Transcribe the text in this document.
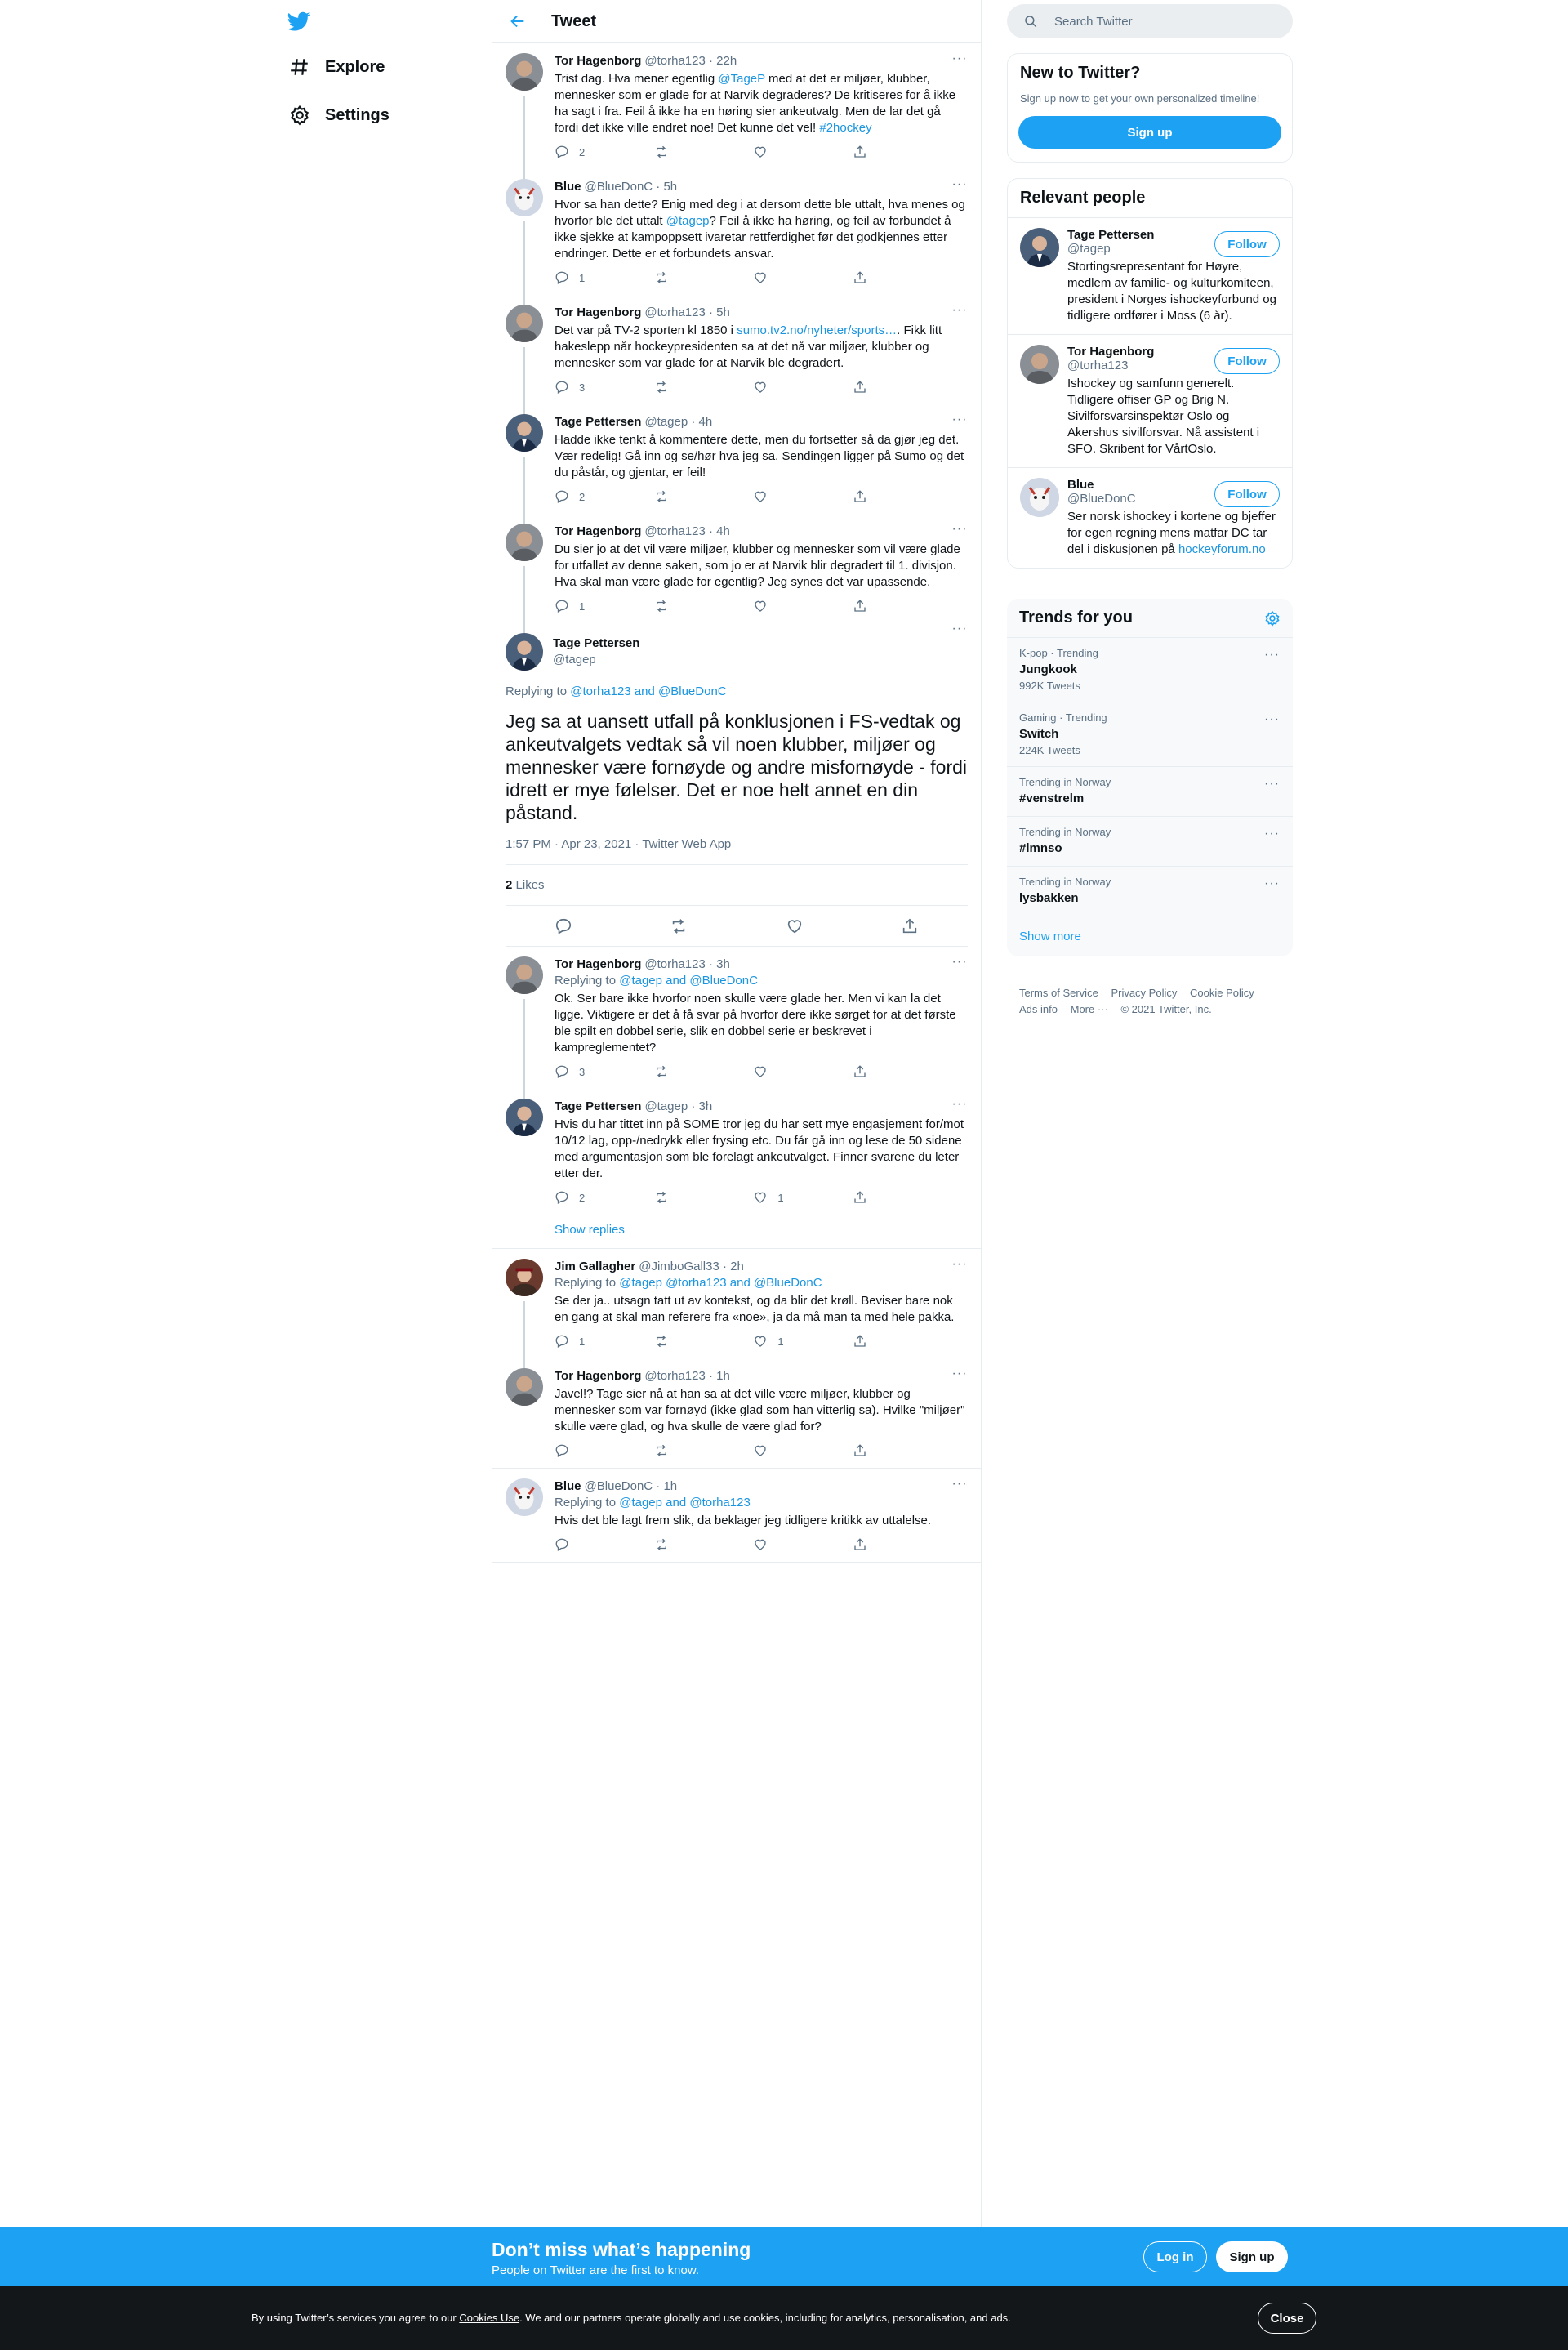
Explore
Settings
Tweet
···
Tor Hagenborg @torha123
· 22h
Trist dag. Hva mener egentlig @TageP med at det er miljøer, klubber, mennesker som er glade for at Narvik degraderes? De kritiseres for å ikke ha sagt i fra. Feil å ikke ha en høring sier ankeutvalg. Men de lar det gå fordi det ikke ville endret noe! Det kunne det vel! #2hockey
2
···
Blue @BlueDonC
· 5h
Hvor sa han dette? Enig med deg i at dersom dette ble uttalt, hva menes og hvorfor ble det uttalt @tagep? Feil å ikke ha høring, og feil av forbundet å ikke sjekke at kampoppsett ivaretar rettferdighet før det godkjennes etter endringer. Dette er et forbundets ansvar.
1
···
Tor Hagenborg @torha123
· 5h
Det var på TV-2 sporten kl 1850 i sumo.tv2.no/nyheter/sports…. Fikk litt hakeslepp når hockeypresidenten sa at det nå var miljøer, klubber og mennesker som var glade for at Narvik ble degradert.
3
···
Tage Pettersen @tagep
· 4h
Hadde ikke tenkt å kommentere dette, men du fortsetter så da gjør jeg det. Vær redelig! Gå inn og se/hør hva jeg sa. Sendingen ligger på Sumo og det du påstår, og gjentar, er feil!
2
···
Tor Hagenborg @torha123
· 4h
Du sier jo at det vil være miljøer, klubber og mennesker som vil være glade for utfallet av denne saken, som jo er at Narvik blir degradert til 1. divisjon. Hva skal man være glade for egentlig? Jeg synes det var upassende.
1
···
Tage Pettersen
@tagep
Replying to @torha123 and @BlueDonC
Jeg sa at uansett utfall på konklusjonen i FS-vedtak og ankeutvalgets vedtak så vil noen klubber, miljøer og mennesker være fornøyde og andre misfornøyde - fordi idrett er mye følelser. Det er noe helt annet en din påstand.
1:57 PM · Apr 23, 2021 · Twitter Web App
2 Likes
···
Tor Hagenborg @torha123
· 3h
Replying to @tagep and @BlueDonC
Ok. Ser bare ikke hvorfor noen skulle være glade her. Men vi kan la det ligge. Viktigere er det å få svar på hvorfor dere ikke sørget for at det første ble spilt en dobbel serie, slik en dobbel serie er beskrevet i kampreglementet?
3
···
Tage Pettersen @tagep
· 3h
Hvis du har tittet inn på SOME tror jeg du har sett mye engasjement for/mot 10/12 lag, opp-/nedrykk eller frysing etc. Du får gå inn og lese de 50 sidene med argumentasjon som ble forelagt ankeutvalget. Finner svarene du leter etter der.
2	1
Show replies
···
Jim Gallagher @JimboGall33
· 2h
Replying to @tagep @torha123 and @BlueDonC
Se der ja.. utsagn tatt ut av kontekst, og da blir det krøll. Beviser bare nok en gang at skal man referere fra «noe», ja da må man ta med hele pakka.
1	1
···
Tor Hagenborg @torha123
· 1h
Javel!? Tage sier nå at han sa at det ville være miljøer, klubber og mennesker som var fornøyd (ikke glad som han vitterlig sa). Hvilke "miljøer" skulle være glad, og hva skulle de være glad for?
···
Blue @BlueDonC
· 1h
Replying to @tagep and @torha123
Hvis det ble lagt frem slik, da beklager jeg tidligere kritikk av uttalelse.
Search Twitter
New to Twitter?

Sign up now to get your own personalized timeline!

Sign up
Relevant people
Tage Pettersen
@tagep
Stortingsrepresentant for Høyre, medlem av familie- og kulturkomiteen, president i Norges ishockeyforbund og tidligere ordfører i Moss (6 år).
Follow
Tor Hagenborg
@torha123
Ishockey og samfunn generelt. Tidligere offiser GP og Brig N. Sivilforsvarsinspektør Oslo og Akershus sivilforsvar. Nå assistent i SFO. Skribent for VårtOslo.
Follow
Blue
@BlueDonC
Ser norsk ishockey i kortene og bjeffer for egen regning mens matfar DC tar del i diskusjonen på hockeyforum.no
Follow
Trends for you
···
K-pop · Trending
Jungkook
992K Tweets
···
Gaming · Trending
Switch
224K Tweets
···
Trending in Norway
#venstrelm
···
Trending in Norway
#lmnso
···
Trending in Norway
lysbakken
Show more
Terms of Service Privacy Policy Cookie Policy
Ads info More ··· © 2021 Twitter, Inc.
Don’t miss what’s happening
People on Twitter are the first to know.
Log in	Sign up
By using Twitter’s services you agree to our Cookies Use. We and our partners operate globally and use cookies, including for analytics, personalisation, and ads.	Close
